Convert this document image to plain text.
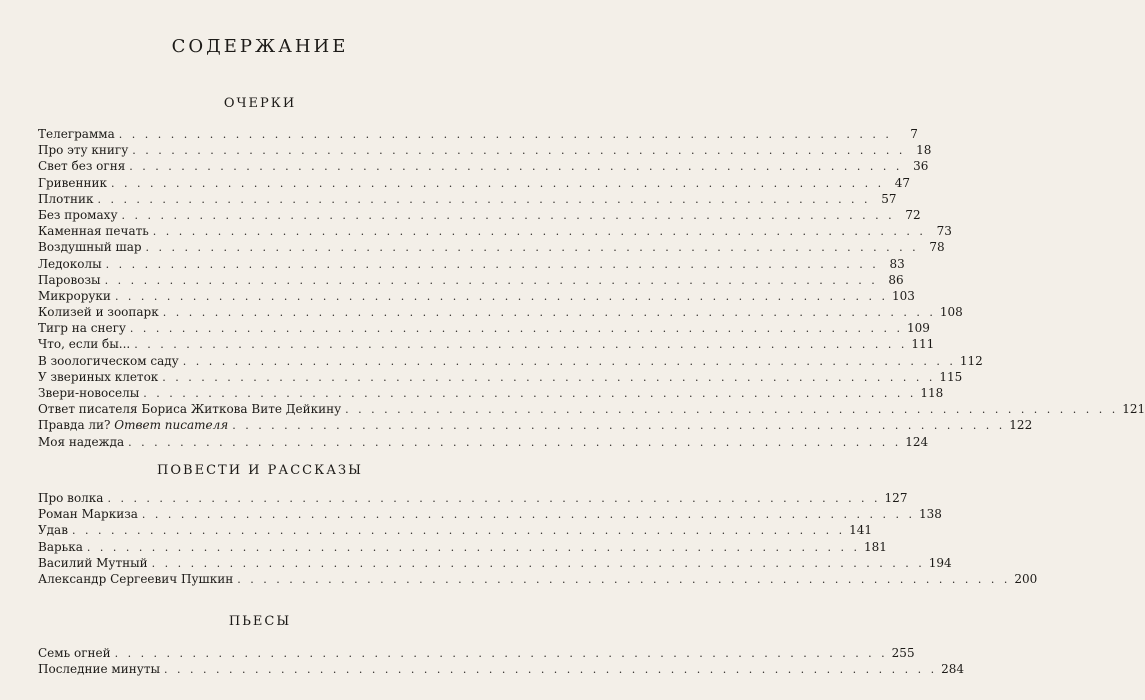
СОДЕРЖАНИЕ
ОЧЕРКИ
Телеграмма . . . . . . . . . . . . . . . . . . . . . . . . . . . . . . . . . . . . . . . . . . . . . . . . . . . . . . . . . . . .	7
Про эту книгу . . . . . . . . . . . . . . . . . . . . . . . . . . . . . . . . . . . . . . . . . . . . . . . . . . . . . . . . . . . . 18
Свет без огня . . . . . . . . . . . . . . . . . . . . . . . . . . . . . . . . . . . . . . . . . . . . . . . . . . . . . . . . . . . . 36
Гривенник . . . . . . . . . . . . . . . . . . . . . . . . . . . . . . . . . . . . . . . . . . . . . . . . . . . . . . . . . . . . 47
Плотник . . . . . . . . . . . . . . . . . . . . . . . . . . . . . . . . . . . . . . . . . . . . . . . . . . . . . . . . . . . . 57
Без промаху . . . . . . . . . . . . . . . . . . . . . . . . . . . . . . . . . . . . . . . . . . . . . . . . . . . . . . . . . . . . 72
Каменная печать . . . . . . . . . . . . . . . . . . . . . . . . . . . . . . . . . . . . . . . . . . . . . . . . . . . . . . . . . . . . 73
Воздушный шар . . . . . . . . . . . . . . . . . . . . . . . . . . . . . . . . . . . . . . . . . . . . . . . . . . . . . . . . . . . . 78
Ледоколы . . . . . . . . . . . . . . . . . . . . . . . . . . . . . . . . . . . . . . . . . . . . . . . . . . . . . . . . . . . . 83
Паровозы . . . . . . . . . . . . . . . . . . . . . . . . . . . . . . . . . . . . . . . . . . . . . . . . . . . . . . . . . . . . 86
Микроруки . . . . . . . . . . . . . . . . . . . . . . . . . . . . . . . . . . . . . . . . . . . . . . . . . . . . . . . . . . . . 103
Колизей и зоопарк . . . . . . . . . . . . . . . . . . . . . . . . . . . . . . . . . . . . . . . . . . . . . . . . . . . . . . . . . . . . 108
Тигр на снегу . . . . . . . . . . . . . . . . . . . . . . . . . . . . . . . . . . . . . . . . . . . . . . . . . . . . . . . . . . . . 109
Что, если бы... . . . . . . . . . . . . . . . . . . . . . . . . . . . . . . . . . . . . . . . . . . . . . . . . . . . . . . . . . . . . 111
В зоологическом саду . . . . . . . . . . . . . . . . . . . . . . . . . . . . . . . . . . . . . . . . . . . . . . . . . . . . . . . . . . . . 112
У звериных клеток . . . . . . . . . . . . . . . . . . . . . . . . . . . . . . . . . . . . . . . . . . . . . . . . . . . . . . . . . . . . 115
Звери-новоселы . . . . . . . . . . . . . . . . . . . . . . . . . . . . . . . . . . . . . . . . . . . . . . . . . . . . . . . . . . . . 118
Ответ писателя Бориса Житкова Вите Дейкину . . . . . . . . . . . . . . . . . . . . . . . . . . . . . . . . . . . . . . . . . . . . . . . . . . . . . . . . . . . . 121
Правда ли? Ответ писателя . . . . . . . . . . . . . . . . . . . . . . . . . . . . . . . . . . . . . . . . . . . . . . . . . . . . . . . . . . . . 122
Моя надежда . . . . . . . . . . . . . . . . . . . . . . . . . . . . . . . . . . . . . . . . . . . . . . . . . . . . . . . . . . . . 124
ПОВЕСТИ И РАССКАЗЫ
Про волка . . . . . . . . . . . . . . . . . . . . . . . . . . . . . . . . . . . . . . . . . . . . . . . . . . . . . . . . . . . . 127
Роман Маркиза . . . . . . . . . . . . . . . . . . . . . . . . . . . . . . . . . . . . . . . . . . . . . . . . . . . . . . . . . . . . 138
Удав . . . . . . . . . . . . . . . . . . . . . . . . . . . . . . . . . . . . . . . . . . . . . . . . . . . . . . . . . . . . 141
Варька . . . . . . . . . . . . . . . . . . . . . . . . . . . . . . . . . . . . . . . . . . . . . . . . . . . . . . . . . . . . 181
Василий Мутный . . . . . . . . . . . . . . . . . . . . . . . . . . . . . . . . . . . . . . . . . . . . . . . . . . . . . . . . . . . . 194
Александр Сергеевич Пушкин . . . . . . . . . . . . . . . . . . . . . . . . . . . . . . . . . . . . . . . . . . . . . . . . . . . . . . . . . . . . 200
ПЬЕСЫ
Семь огней . . . . . . . . . . . . . . . . . . . . . . . . . . . . . . . . . . . . . . . . . . . . . . . . . . . . . . . . . . . . 255
Последние минуты . . . . . . . . . . . . . . . . . . . . . . . . . . . . . . . . . . . . . . . . . . . . . . . . . . . . . . . . . . . . 284
